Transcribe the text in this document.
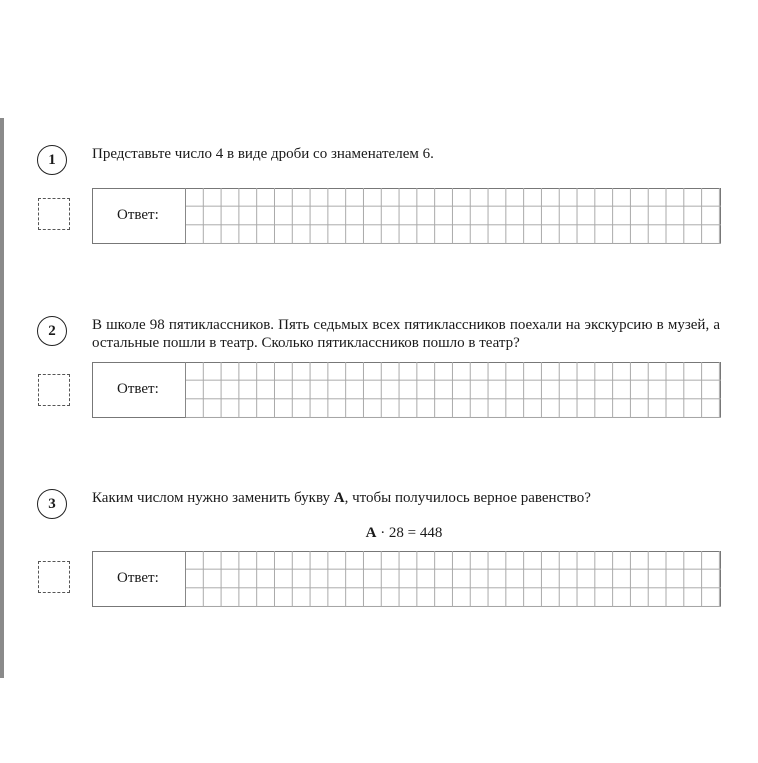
1	Представьте число 4 в виде дроби со знаменателем 6.
Ответ:
2	В школе 98 пятиклассников. Пять седьмых всех пятиклассников поехали на экскурсию в музей, а остальные пошли в театр. Сколько пятиклассников пошло в театр?
Ответ:
3	Каким числом нужно заменить букву А, чтобы получилось верное равенство?
А · 28 = 448
Ответ:
